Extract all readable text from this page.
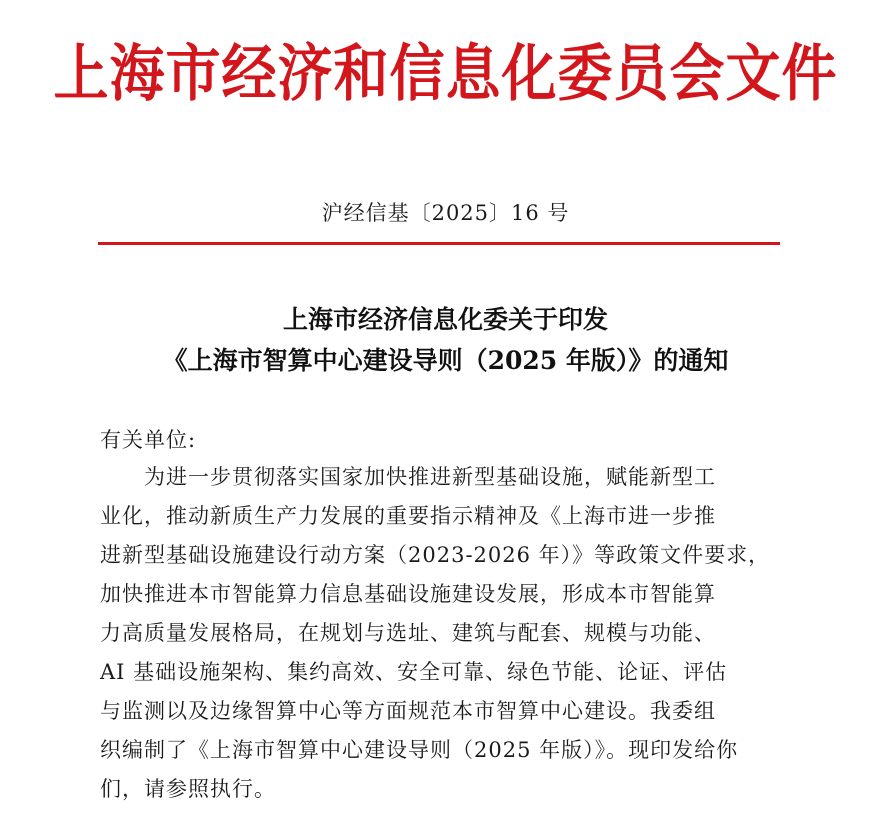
上海市经济和信息化委员会文件
沪经信基〔2025〕16 号
上海市经济信息化委关于印发
《上海市智算中心建设导则（2025 年版）》的通知
有关单位:
　　为进一步贯彻落实国家加快推进新型基础设施，赋能新型工
业化，推动新质生产力发展的重要指示精神及《上海市进一步推
进新型基础设施建设行动方案（2023-2026 年）》等政策文件要求，
加快推进本市智能算力信息基础设施建设发展，形成本市智能算
力高质量发展格局，在规划与选址、建筑与配套、规模与功能、
AI 基础设施架构、集约高效、安全可靠、绿色节能、论证、评估
与监测以及边缘智算中心等方面规范本市智算中心建设。我委组
织编制了《上海市智算中心建设导则（2025 年版）》。现印发给你
们，请参照执行。
